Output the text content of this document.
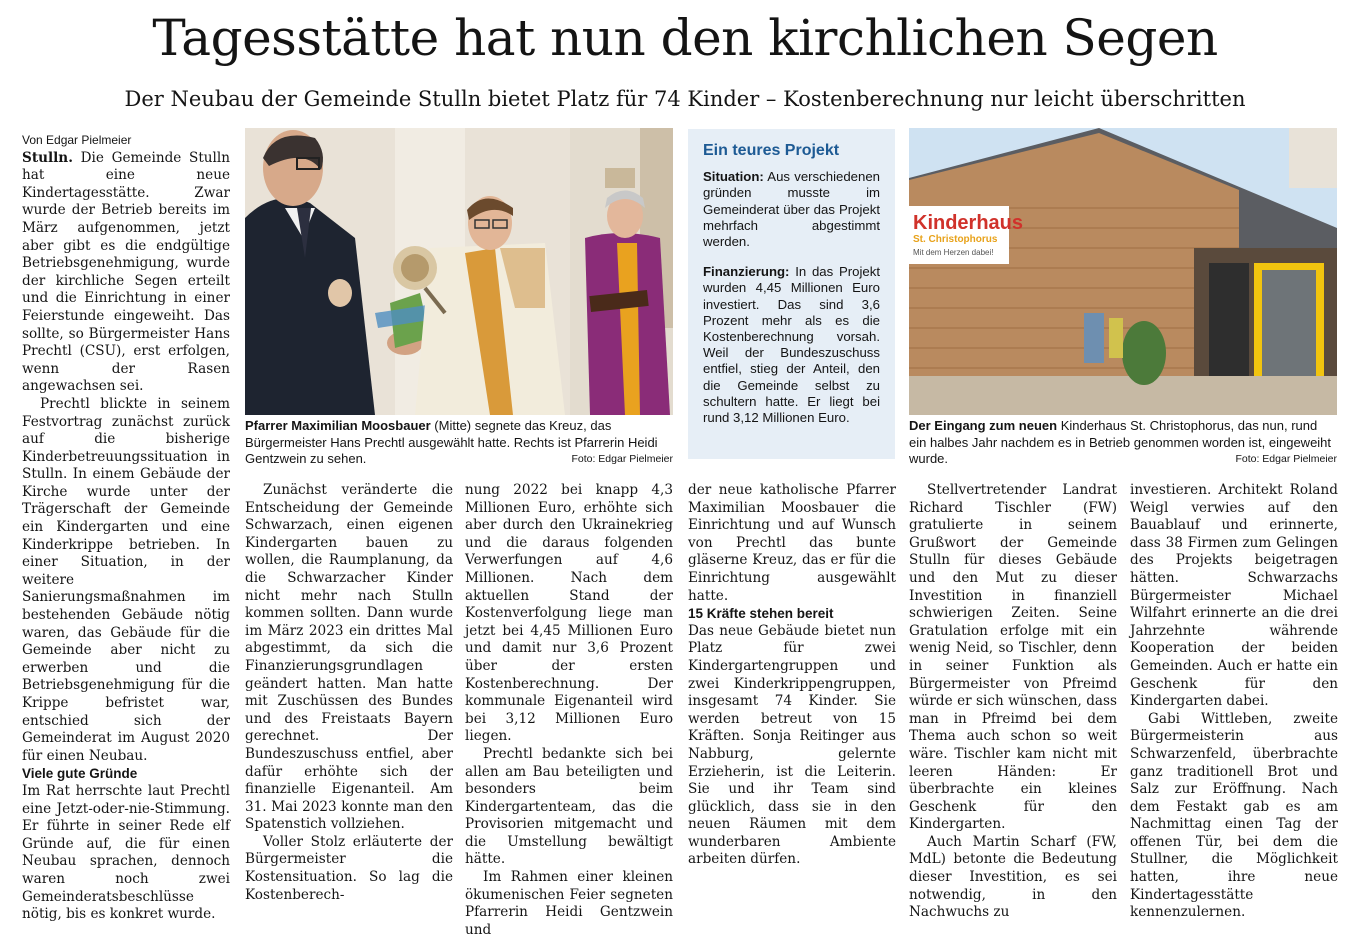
Tagesstätte hat nun den kirchlichen Segen
Der Neubau der Gemeinde Stulln bietet Platz für 74 Kinder – Kostenberechnung nur leicht überschritten

Von Edgar Pielmeier

Stulln. Die Gemeinde Stulln hat eine neue Kindertagesstätte. Zwar wurde der Betrieb bereits im März aufgenommen, jetzt aber gibt es die endgültige Betriebsgenehmigung, wurde der kirchliche Segen erteilt und die Einrichtung in einer Feierstunde eingeweiht. Das sollte, so Bürgermeister Hans Prechtl (CSU), erst erfolgen, wenn der Rasen angewachsen sei.

Prechtl blickte in seinem Festvortrag zunächst zurück auf die bisherige Kinderbetreuungssituation in Stulln. In einem Gebäude der Kirche wurde unter der Trägerschaft der Gemeinde ein Kindergarten und eine Kinderkrippe betrieben. In einer Situation, in der weitere Sanierungsmaßnahmen im bestehenden Gebäude nötig waren, das Gebäude für die Gemeinde aber nicht zu erwerben und die Betriebsgenehmigung für die Krippe befristet war, entschied sich der Gemeinderat im August 2020 für einen Neubau.

Viele gute Gründe

Im Rat herrschte laut Prechtl eine Jetzt-oder-nie-Stimmung. Er führte in seiner Rede elf Gründe auf, die für einen Neubau sprachen, dennoch waren noch zwei Gemeinderatsbeschlüsse nötig, bis es konkret wurde.

Pfarrer Maximilian Moosbauer (Mitte) segnete das Kreuz, das Bürgermeister Hans Prechtl ausgewählt hatte. Rechts ist Pfarrerin Heidi Gentzwein zu sehen.	Foto: Edgar Pielmeier
Ein teures Projekt

Situation: Aus verschiedenen gründen musste im Gemeinderat über das Projekt mehrfach abgestimmt werden.

Finanzierung: In das Projekt wurden 4,45 Millionen Euro investiert. Das sind 3,6 Prozent mehr als es die Kostenberechnung vorsah. Weil der Bundeszuschuss entfiel, stieg der Anteil, den die Gemeinde selbst zu schultern hatte. Er liegt bei rund 3,12 Millionen Euro.

Kinderhaus
St. Christophorus
Mit dem Herzen dabei!
Der Eingang zum neuen Kinderhaus St. Christophorus, das nun, rund ein halbes Jahr nachdem es in Betrieb genommen worden ist, eingeweiht wurde.	Foto: Edgar Pielmeier

Zunächst veränderte die Entscheidung der Gemeinde Schwarzach, einen eigenen Kindergarten bauen zu wollen, die Raumplanung, da die Schwarzacher Kinder nicht mehr nach Stulln kommen sollten. Dann wurde im März 2023 ein drittes Mal abgestimmt, da sich die Finanzierungsgrundlagen geändert hatten. Man hatte mit Zuschüssen des Bundes und des Freistaats Bayern gerechnet. Der Bundeszuschuss entfiel, aber dafür erhöhte sich der finanzielle Eigenanteil. Am 31. Mai 2023 konnte man den Spatenstich vollziehen.

Voller Stolz erläuterte der Bürgermeister die Kostensituation. So lag die Kostenberech-

nung 2022 bei knapp 4,3 Millionen Euro, erhöhte sich aber durch den Ukrainekrieg und die daraus folgenden Verwerfungen auf 4,6 Millionen. Nach dem aktuellen Stand der Kostenverfolgung liege man jetzt bei 4,45 Millionen Euro und damit nur 3,6 Prozent über der ersten Kostenberechnung. Der kommunale Eigenanteil wird bei 3,12 Millionen Euro liegen.

Prechtl bedankte sich bei allen am Bau beteiligten und besonders beim Kindergartenteam, das die Provisorien mitgemacht und die Umstellung bewältigt hätte.

Im Rahmen einer kleinen ökumenischen Feier segneten Pfarrerin Heidi Gentzwein und

der neue katholische Pfarrer Maximilian Moosbauer die Einrichtung und auf Wunsch von Prechtl das bunte gläserne Kreuz, das er für die Einrichtung ausgewählt hatte.

15 Kräfte stehen bereit

Das neue Gebäude bietet nun Platz für zwei Kindergartengruppen und zwei Kinderkrippengruppen, insgesamt 74 Kinder. Sie werden betreut von 15 Kräften. Sonja Reitinger aus Nabburg, gelernte Erzieherin, ist die Leiterin. Sie und ihr Team sind glücklich, dass sie in den neuen Räumen mit dem wunderbaren Ambiente arbeiten dürfen.

Stellvertretender Landrat Richard Tischler (FW) gratulierte in seinem Grußwort der Gemeinde Stulln für dieses Gebäude und den Mut zu dieser Investition in finanziell schwierigen Zeiten. Seine Gratulation erfolge mit ein wenig Neid, so Tischler, denn in seiner Funktion als Bürgermeister von Pfreimd würde er sich wünschen, dass man in Pfreimd bei dem Thema auch schon so weit wäre. Tischler kam nicht mit leeren Händen: Er überbrachte ein kleines Geschenk für den Kindergarten.

Auch Martin Scharf (FW, MdL) betonte die Bedeutung dieser Investition, es sei notwendig, in den Nachwuchs zu

investieren. Architekt Roland Weigl verwies auf den Bauablauf und erinnerte, dass 38 Firmen zum Gelingen des Projekts beigetragen hätten. Schwarzachs Bürgermeister Michael Wilfahrt erinnerte an die drei Jahrzehnte währende Kooperation der beiden Gemeinden. Auch er hatte ein Geschenk für den Kindergarten dabei.

Gabi Wittleben, zweite Bürgermeisterin aus Schwarzenfeld, überbrachte ganz traditionell Brot und Salz zur Eröffnung. Nach dem Festakt gab es am Nachmittag einen Tag der offenen Tür, bei dem die Stullner, die Möglichkeit hatten, ihre neue Kindertagesstätte kennenzulernen.
